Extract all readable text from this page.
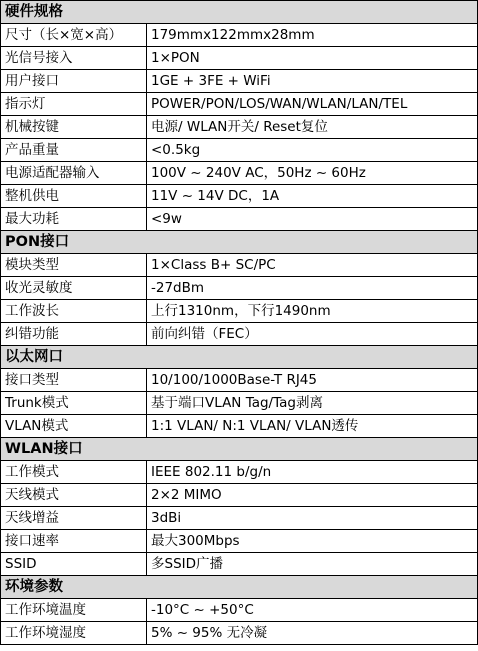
硬件规格	
尺寸（长×宽×高）	179mmx122mmx28mm
光信号接入	1×PON
用户接口	1GE + 3FE + WiFi
指示灯	POWER/PON/LOS/WAN/WLAN/LAN/TEL
机械按键	电源/ WLAN开关/ Reset复位
产品重量	<0.5kg
电源适配器输入	100V ~ 240V AC，50Hz ~ 60Hz
整机供电	11V ~ 14V DC，1A
最大功耗	<9w
PON接口	
模块类型	1×Class B+ SC/PC
收光灵敏度	-27dBm
工作波长	上行1310nm，下行1490nm
纠错功能	前向纠错（FEC）
以太网口	
接口类型	10/100/1000Base-T RJ45
Trunk模式	基于端口VLAN Tag/Tag剥离
VLAN模式	1:1 VLAN/ N:1 VLAN/ VLAN透传
WLAN接口	
工作模式	IEEE 802.11 b/g/n
天线模式	2×2 MIMO
天线增益	3dBi
接口速率	最大300Mbps
SSID	多SSID广播
环境参数	
工作环境温度	-10°C ~ +50°C
工作环境湿度	5% ~ 95% 无冷凝
